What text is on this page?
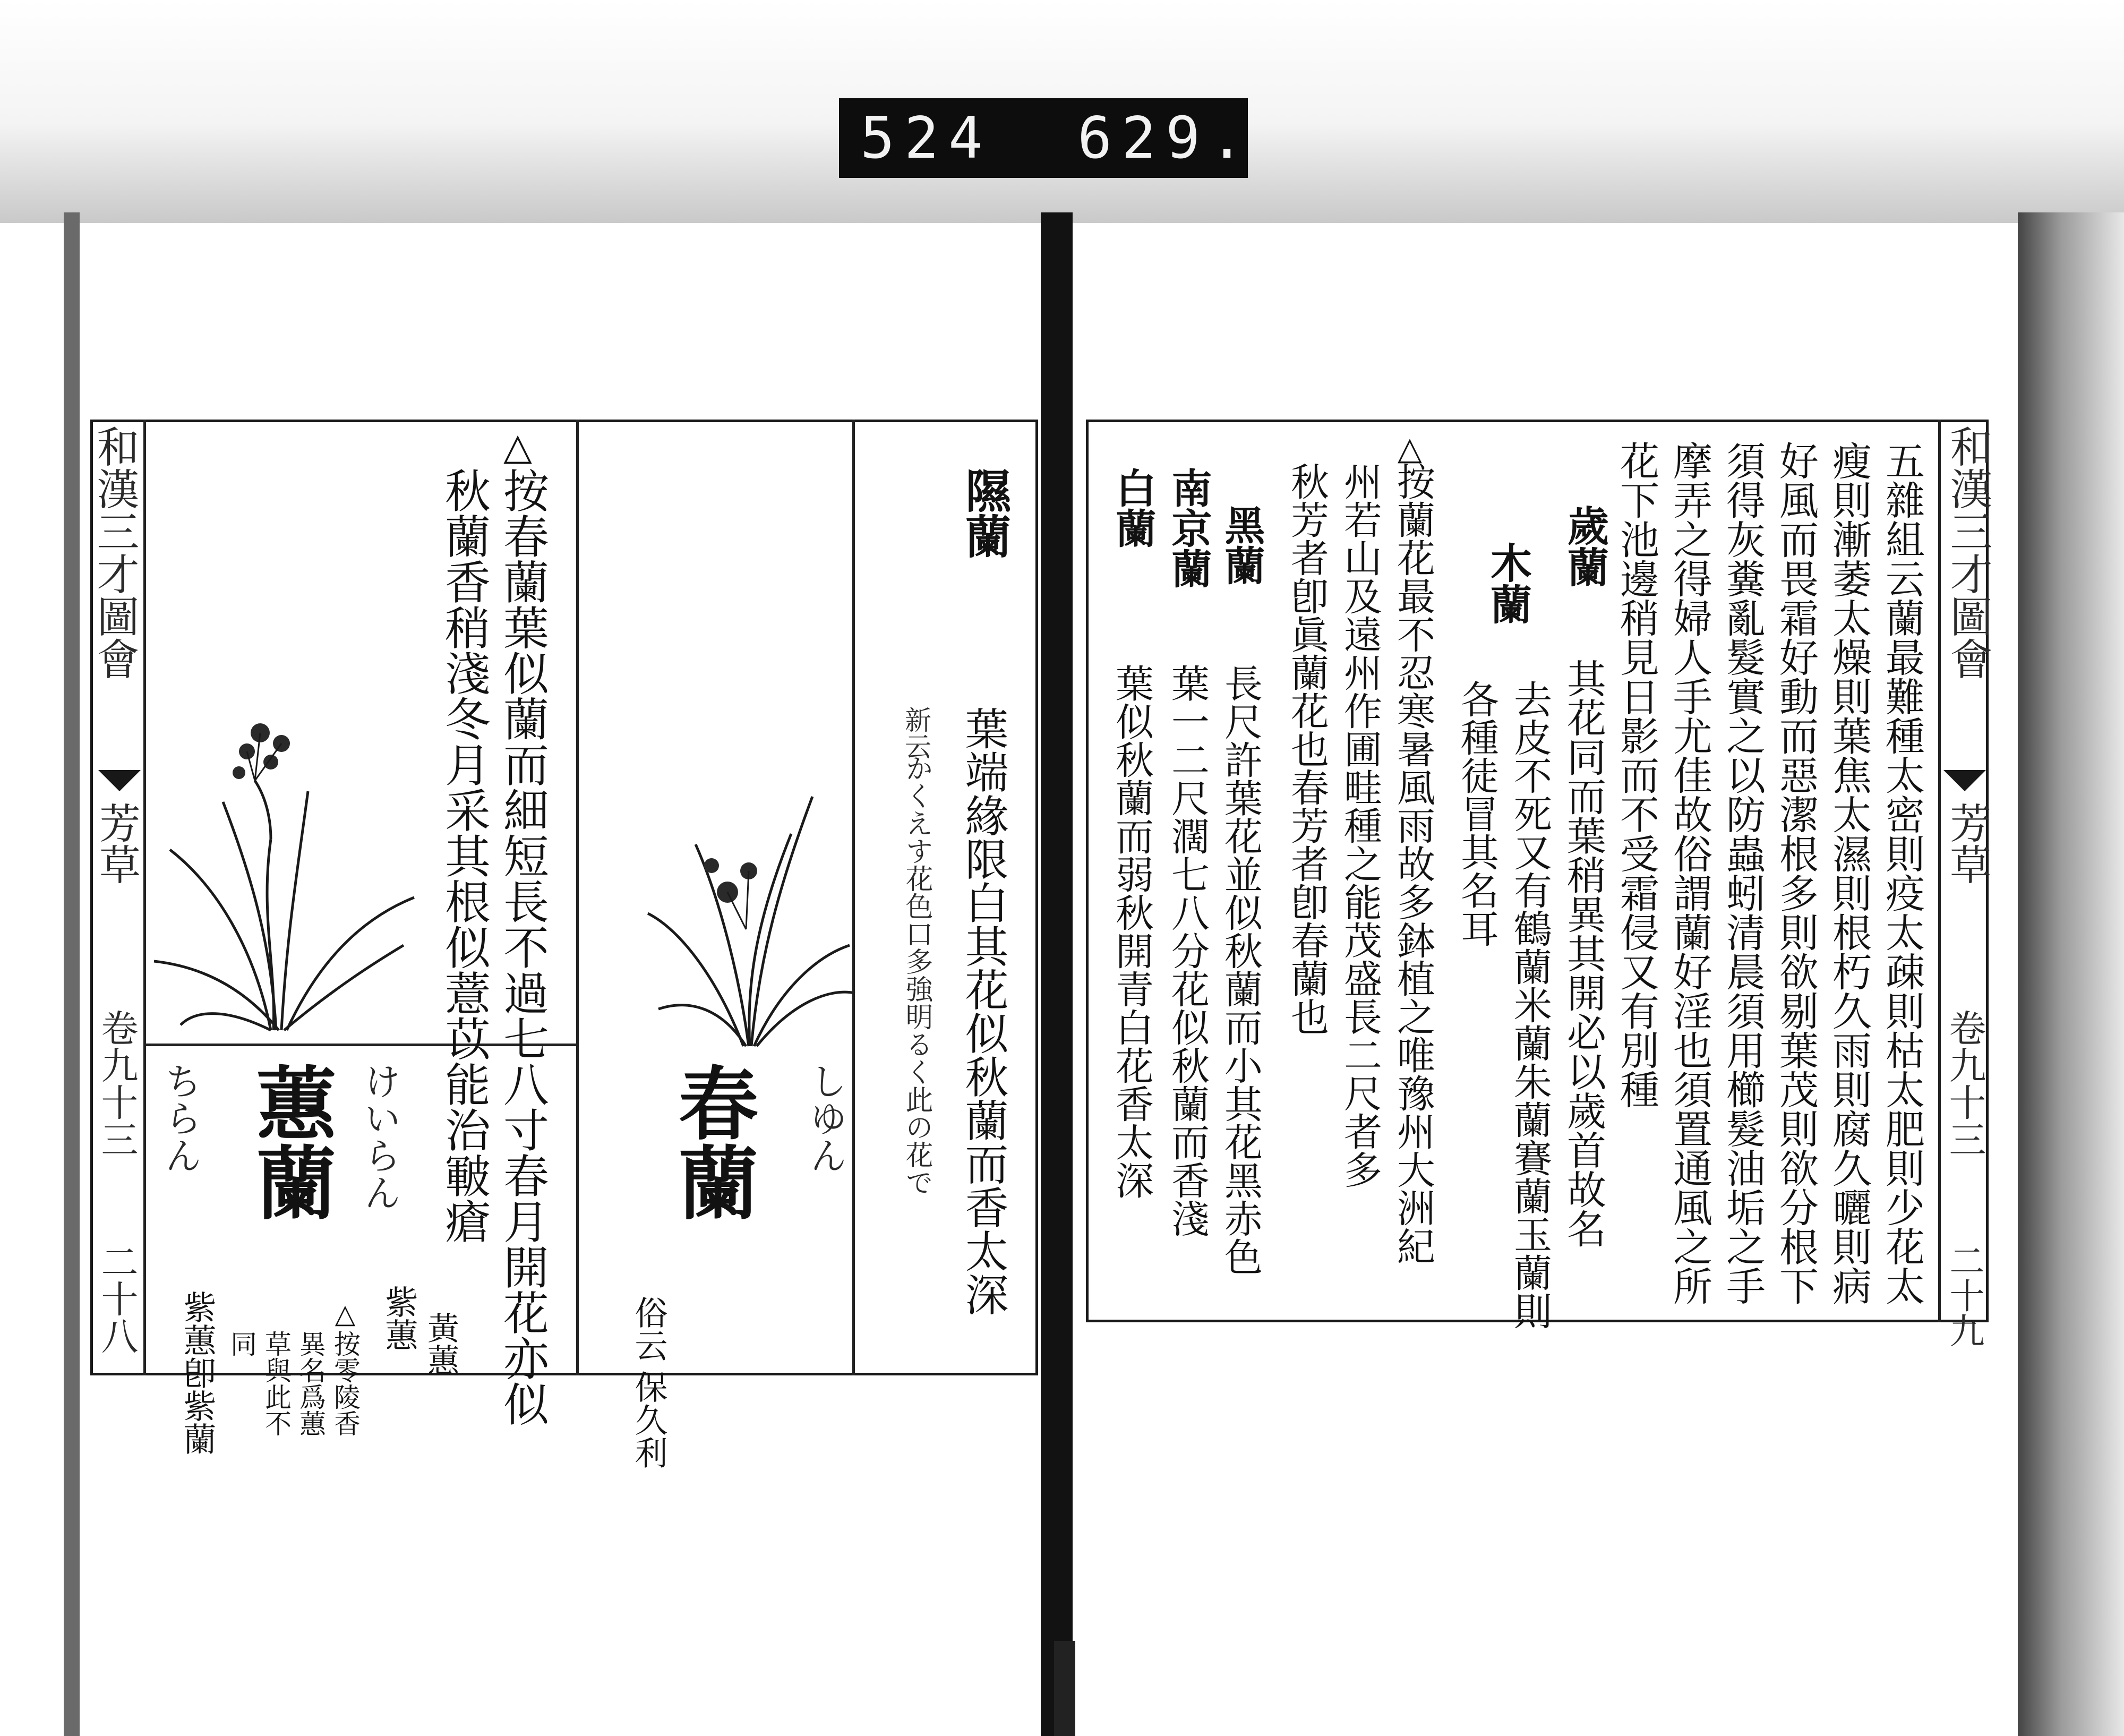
524 629.
和漢三才圖會
芳草
卷九十三
二十八
ちらん 蕙蘭 けいらん
紫蕙卽紫蘭 同 草與此不 異名爲蕙 按零陵香
△ 黃蕙
紫蕙
しゆん
春蘭
俗云
保久利
秋蘭香稍淺冬月采其根似薏苡能治皸瘡 按春蘭葉似蘭而細短長不過七八寸春月開花亦似
△
かくえす花色口多強明るく此の花で
新云 葉端緣限白其花似秋蘭而香太深
隰蘭	和漢三才圖會
芳草
卷九十三
二十九
五雜組云蘭最難種太密則疫太疎則枯太肥則少花太
瘦則漸萎太燥則葉焦太濕則根朽久雨則腐久曬則病
好風而畏霜好動而惡潔根多則欲剔葉茂則欲分根下
須得灰糞亂髮實之以防蟲蚓清晨須用櫛髮油垢之手
摩弄之得婦人手尤佳故俗謂蘭好淫也須置通風之所
花下池邊稍見日影而不受霜侵又有別種
歲蘭
其花同而葉稍異其開必以歲首故名
木蘭
去皮不死又有鶴蘭米蘭朱蘭賽蘭玉蘭則
各種徒冒其名耳
△
按蘭花最不忍寒暑風雨故多鉢植之唯豫州大洲紀
州若山及遠州作圃畦種之能茂盛長二尺者多
秋芳者卽眞蘭花也春芳者卽春蘭也
黑蘭
長尺許葉花並似秋蘭而小其花黑赤色
南京蘭
葉一二尺濶七八分花似秋蘭而香淺
白蘭
葉似秋蘭而弱秋開青白花香太深
